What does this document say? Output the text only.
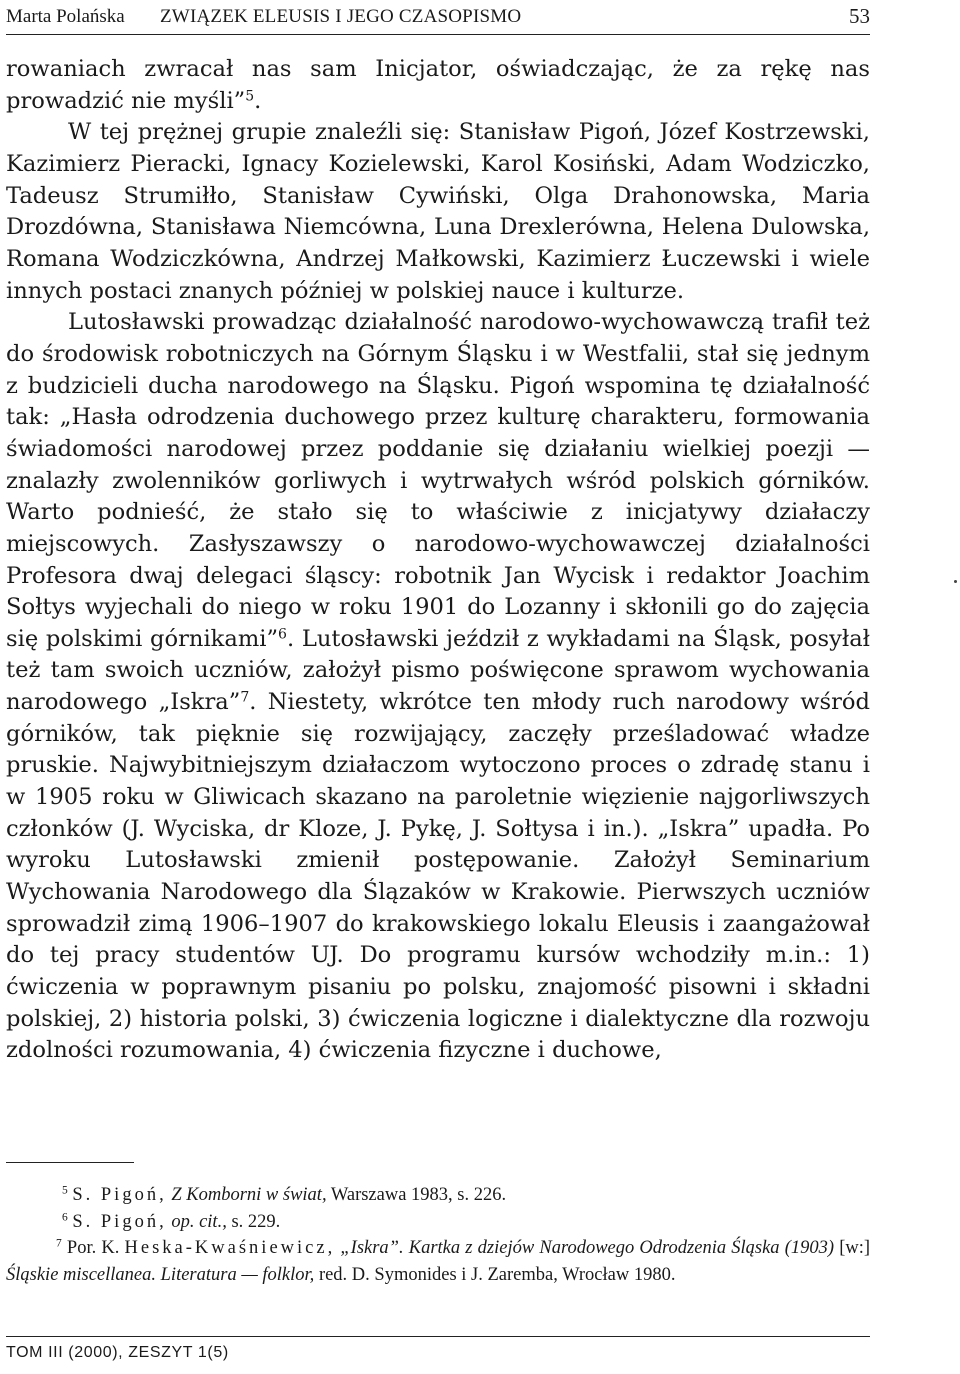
Marta Polańska ZWIĄZEK ELEUSIS I JEGO CZASOPISMO	53

rowaniach zwracał nas sam Inicjator, oświadczając, że za rękę nas prowadzić nie myśli”$^5$.

W tej prężnej grupie znaleźli się: Stanisław Pigoń, Józef Kostrzewski, Kazimierz Pieracki, Ignacy Kozielewski, Karol Kosiński, Adam Wodziczko, Tadeusz Strumiłło, Stanisław Cywiński, Olga Drahonowska, Maria Drozdówna, Stanisława Niemcówna, Luna Drexlerówna, Helena Dulowska, Romana Wodziczkówna, Andrzej Małkowski, Kazimierz Łuczewski i wiele innych postaci znanych później w polskiej nauce i kulturze.

Lutosławski prowadząc działalność narodowo-wychowawczą trafił też do środowisk robotniczych na Górnym Śląsku i w Westfalii, stał się jednym z budzicieli ducha narodowego na Śląsku. Pigoń wspomina tę działalność tak: „Hasła odrodzenia duchowego przez kulturę charakteru, formowania świadomości narodowej przez poddanie się działaniu wielkiej poezji — znalazły zwolenników gorliwych i wytrwałych wśród polskich górników. Warto podnieść, że stało się to właściwie z inicjatywy działaczy miejscowych. Zasłyszawszy o narodowo-wychowawczej działalności Profesora dwaj delegaci śląscy: robotnik Jan Wycisk i redaktor Joachim Sołtys wyjechali do niego w roku 1901 do Lozanny i skłonili go do zajęcia się polskimi górnikami”$^6$. Lutosławski jeździł z wykładami na Śląsk, posyłał też tam swoich uczniów, założył pismo poświęcone sprawom wychowania narodowego „Iskra”$^7$. Niestety, wkrótce ten młody ruch narodowy wśród górników, tak pięknie się rozwijający, zaczęły prześladować władze pruskie. Najwybitniejszym działaczom wytoczono proces o zdradę stanu i w 1905 roku w Gliwicach skazano na paroletnie więzienie najgorliwszych członków (J. Wyciska, dr Kloze, J. Pykę, J. Sołtysa i in.). „Iskra” upadła. Po wyroku Lutosławski zmienił postępowanie. Założył Seminarium Wychowania Narodowego dla Ślązaków w Krakowie. Pierwszych uczniów sprowadził zimą 1906–1907 do krakowskiego lokalu Eleusis i zaangażował do tej pracy studentów UJ. Do programu kursów wchodziły m.in.: 1) ćwiczenia w poprawnym pisaniu po polsku, znajomość pisowni i składni polskiej, 2) historia polski, 3) ćwiczenia logiczne i dialektyczne dla rozwoju zdolności rozumowania, 4) ćwiczenia fizyczne i duchowe,

$^5$ S. Pigoń, Z Komborni w świat, Warszawa 1983, s. 226.

$^6$ S. Pigoń, op. cit., s. 229.

$^7$ Por. K. Heska-Kwaśniewicz, „Iskra”. Kartka z dziejów Narodowego Odrodzenia Śląska (1903) [w:] Śląskie miscellanea. Literatura — folklor, red. D. Symonides i J. Zaremba, Wrocław 1980.

TOM III (2000), ZESZYT 1(5)
